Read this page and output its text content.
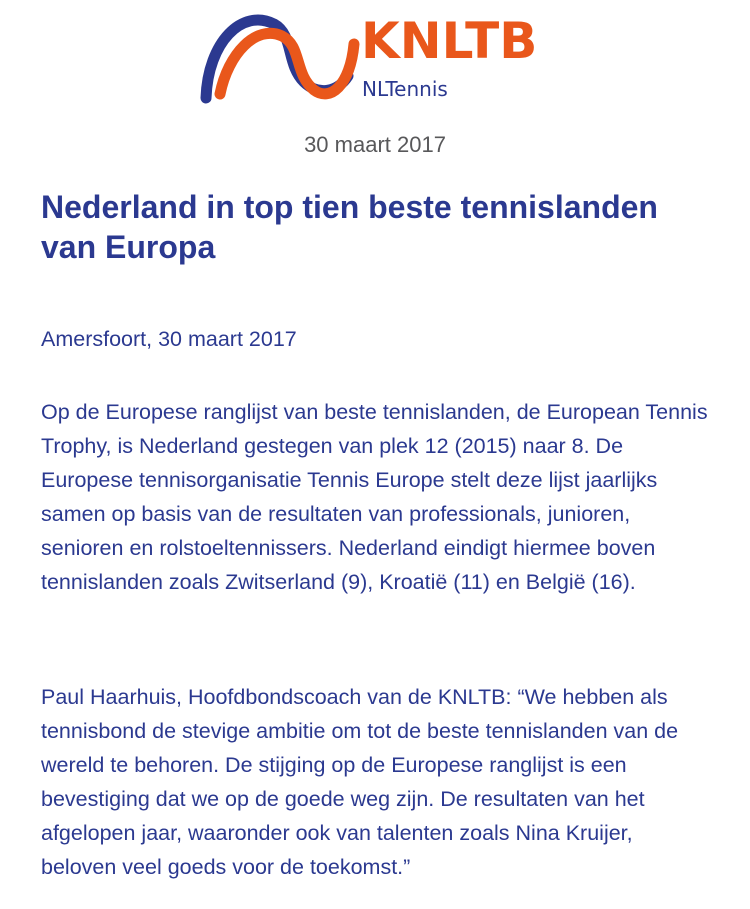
KNLTB
NLTennis
30 maart 2017
Nederland in top tien beste tennislanden van Europa

Amersfoort, 30 maart 2017

Op de Europese ranglijst van beste tennislanden, de European Tennis Trophy, is Nederland gestegen van plek 12 (2015) naar 8. De Europese tennisorganisatie Tennis Europe stelt deze lijst jaarlijks samen op basis van de resultaten van professionals, junioren, senioren en rolstoeltennissers. Nederland eindigt hiermee boven tennislanden zoals Zwitserland (9), Kroatië (11) en België (16).

Paul Haarhuis, Hoofdbondscoach van de KNLTB: “We hebben als tennisbond de stevige ambitie om tot de beste tennislanden van de wereld te behoren. De stijging op de Europese ranglijst is een bevestiging dat we op de goede weg zijn. De resultaten van het afgelopen jaar, waaronder ook van talenten zoals Nina Kruijer, beloven veel goeds voor de toekomst.”
